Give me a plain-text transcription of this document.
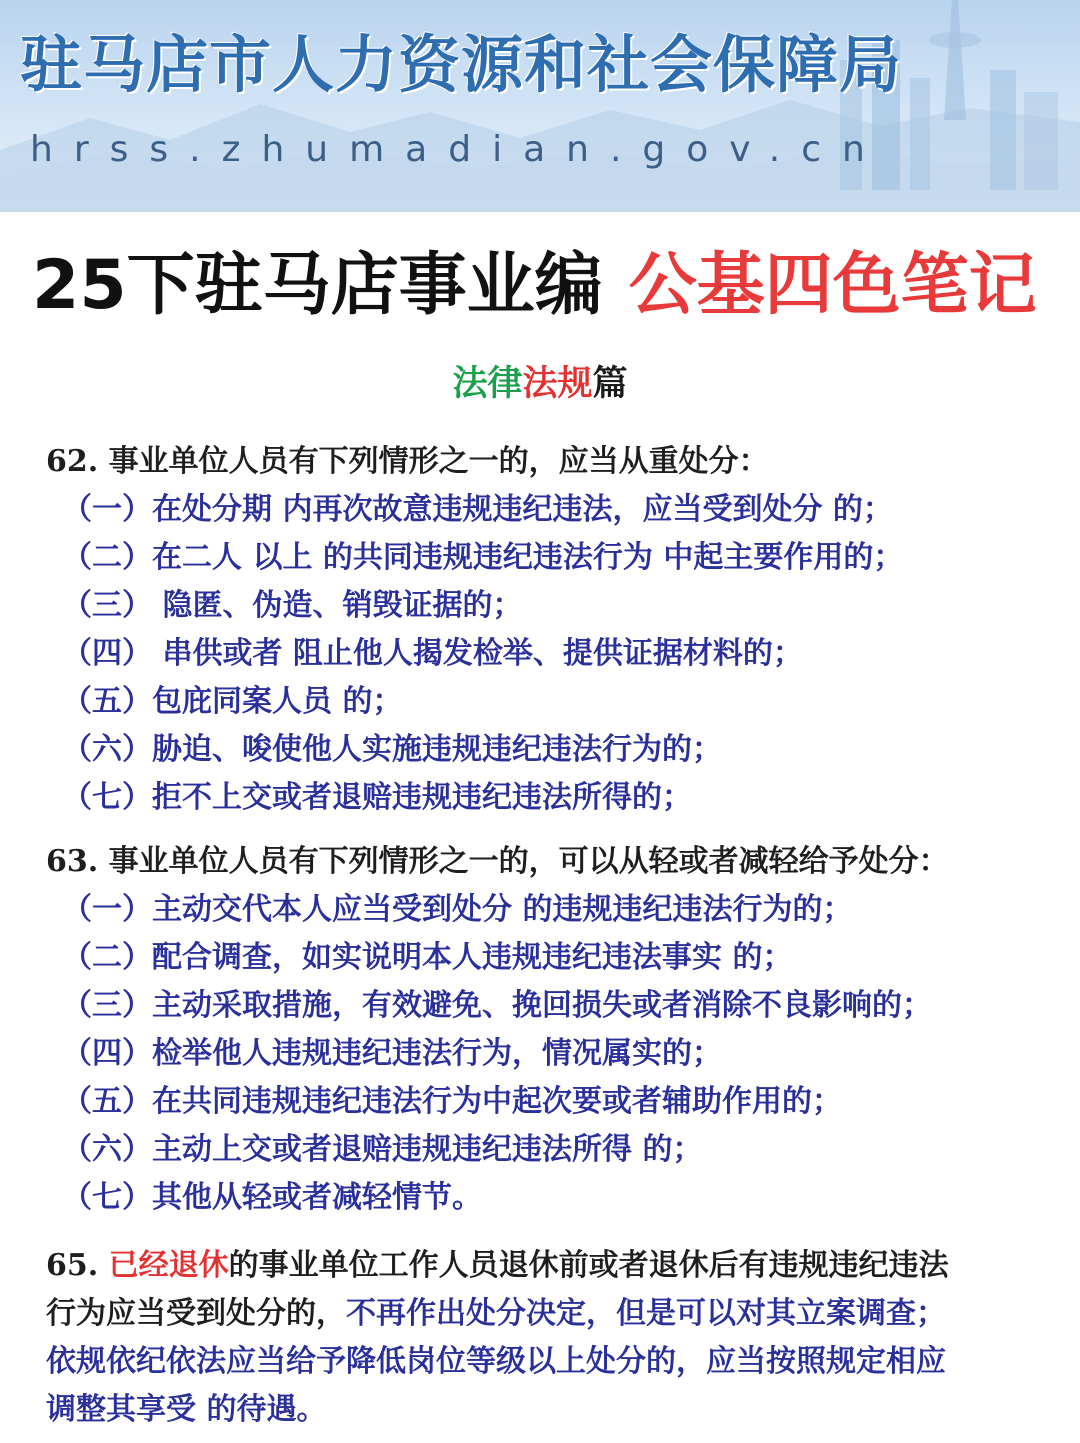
驻马店市人力资源和社会保障局
hrss.zhumadian.gov.cn
25下驻马店事业编 公基四色笔记
法律法规篇
62. 事业单位人员有下列情形之一的，应当从重处分：
（一）在处分期 内再次故意违规违纪违法，应当受到处分 的；
（二）在二人 以上 的共同违规违纪违法行为 中起主要作用的；
（三） 隐匿、伪造、销毁证据的；
（四） 串供或者 阻止他人揭发检举、提供证据材料的；
（五）包庇同案人员 的；
（六）胁迫、唆使他人实施违规违纪违法行为的；
（七）拒不上交或者退赔违规违纪违法所得的；
63. 事业单位人员有下列情形之一的，可以从轻或者减轻给予处分：
（一）主动交代本人应当受到处分 的违规违纪违法行为的；
（二）配合调查，如实说明本人违规违纪违法事实 的；
（三）主动采取措施，有效避免、挽回损失或者消除不良影响的；
（四）检举他人违规违纪违法行为，情况属实的；
（五）在共同违规违纪违法行为中起次要或者辅助作用的；
（六）主动上交或者退赔违规违纪违法所得 的；
（七）其他从轻或者减轻情节。
65. 已经退休的事业单位工作人员退休前或者退休后有违规违纪违法
行为应当受到处分的，不再作出处分决定，但是可以对其立案调查；
依规依纪依法应当给予降低岗位等级以上处分的，应当按照规定相应
调整其享受 的待遇。
